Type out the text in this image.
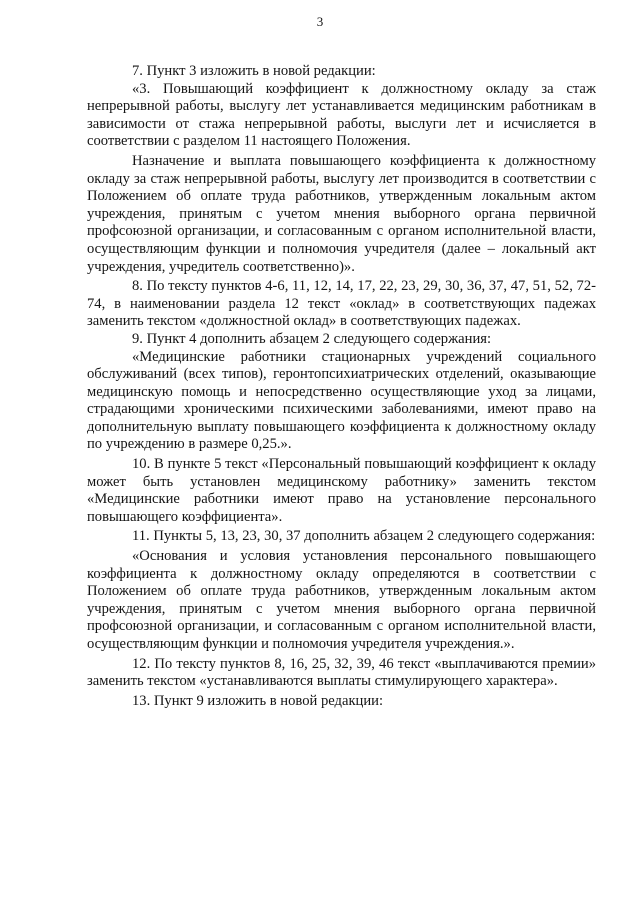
3

7. Пункт 3 изложить в новой редакции:

«3. Повышающий коэффициент к должностному окладу за стаж непрерывной работы, выслугу лет устанавливается медицинским работникам в зависимости от стажа непрерывной работы, выслуги лет и исчисляется в соответствии с разделом 11 настоящего Положения.

Назначение и выплата повышающего коэффициента к должностному окладу за стаж непрерывной работы, выслугу лет производится в соответствии с Положением об оплате труда работников, утвержденным локальным актом учреждения, принятым с учетом мнения выборного органа первичной профсоюзной организации, и согласованным с органом исполнительной власти, осуществляющим функции и полномочия учредителя (далее – локальный акт учреждения, учредитель соответственно)».

8. По тексту пунктов 4-6, 11, 12, 14, 17, 22, 23, 29, 30, 36, 37, 47, 51, 52, 72-74, в наименовании раздела 12 текст «оклад» в соответствующих падежах заменить текстом «должностной оклад» в соответствующих падежах.

9. Пункт 4 дополнить абзацем 2 следующего содержания:

«Медицинские работники стационарных учреждений социального обслуживаний (всех типов), геронтопсихиатрических отделений, оказывающие медицинскую помощь и непосредственно осуществляющие уход за лицами, страдающими хроническими психическими заболеваниями, имеют право на дополнительную выплату повышающего коэффициента к должностному окладу по учреждению в размере 0,25.».

10. В пункте 5 текст «Персональный повышающий коэффициент к окладу может быть установлен медицинскому работнику» заменить текстом «Медицинские работники имеют право на установление персонального повышающего коэффициента».

11. Пункты 5, 13, 23, 30, 37 дополнить абзацем 2 следующего содержания:

«Основания и условия установления персонального повышающего коэффициента к должностному окладу определяются в соответствии с Положением об оплате труда работников, утвержденным локальным актом учреждения, принятым с учетом мнения выборного органа первичной профсоюзной организации, и согласованным с органом исполнительной власти, осуществляющим функции и полномочия учредителя учреждения.».

12. По тексту пунктов 8, 16, 25, 32, 39, 46 текст «выплачиваются премии» заменить текстом «устанавливаются выплаты стимулирующего характера».

13. Пункт 9 изложить в новой редакции:
